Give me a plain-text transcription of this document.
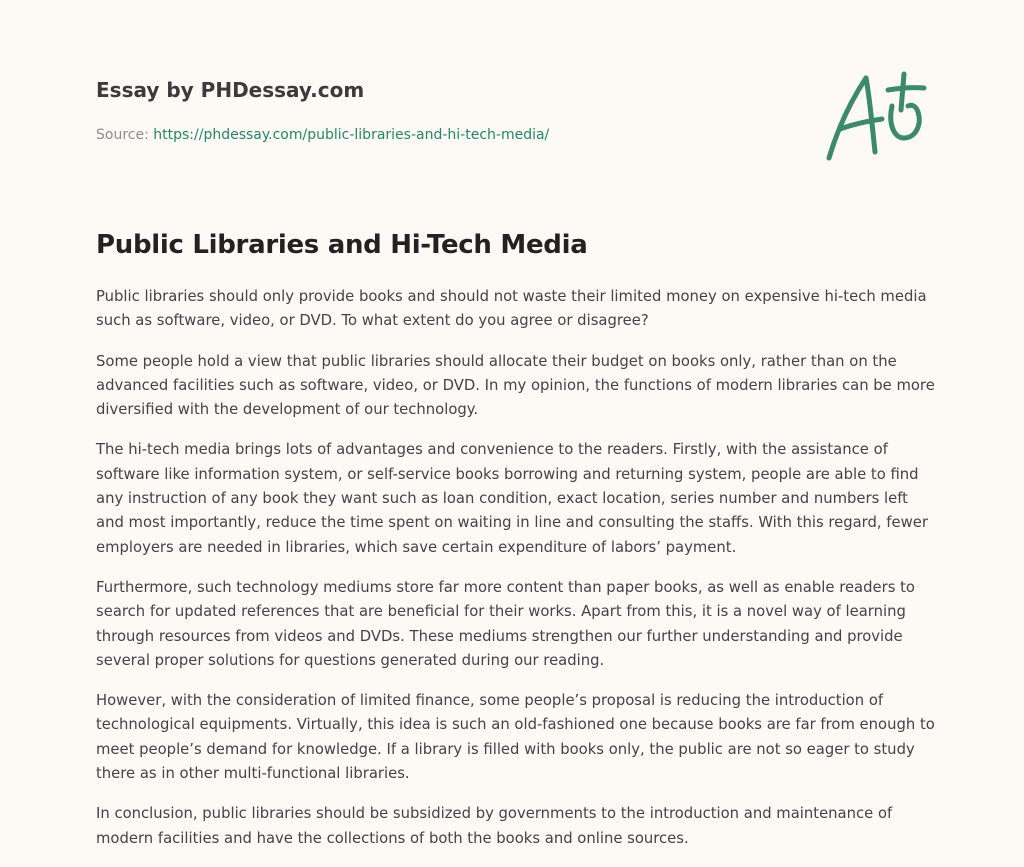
Essay by PHDessay.com
Source: https://phdessay.com/public-libraries-and-hi-tech-media/
Public Libraries and Hi-Tech Media

Public libraries should only provide books and should not waste their limited money on expensive hi-tech media such as software, video, or DVD. To what extent do you agree or disagree?

Some people hold a view that public libraries should allocate their budget on books only, rather than on the advanced facilities such as software, video, or DVD. In my opinion, the functions of modern libraries can be more diversified with the development of our technology.

The hi-tech media brings lots of advantages and convenience to the readers. Firstly, with the assistance of software like information system, or self-service books borrowing and returning system, people are able to find any instruction of any book they want such as loan condition, exact location, series number and numbers left and most importantly, reduce the time spent on waiting in line and consulting the staffs. With this regard, fewer employers are needed in libraries, which save certain expenditure of labors’ payment.

Furthermore, such technology mediums store far more content than paper books, as well as enable readers to search for updated references that are beneficial for their works. Apart from this, it is a novel way of learning through resources from videos and DVDs. These mediums strengthen our further understanding and provide several proper solutions for questions generated during our reading.

However, with the consideration of limited finance, some people’s proposal is reducing the introduction of technological equipments. Virtually, this idea is such an old-fashioned one because books are far from enough to meet people’s demand for knowledge. If a library is filled with books only, the public are not so eager to study there as in other multi-functional libraries.

In conclusion, public libraries should be subsidized by governments to the introduction and maintenance of modern facilities and have the collections of both the books and online sources.
